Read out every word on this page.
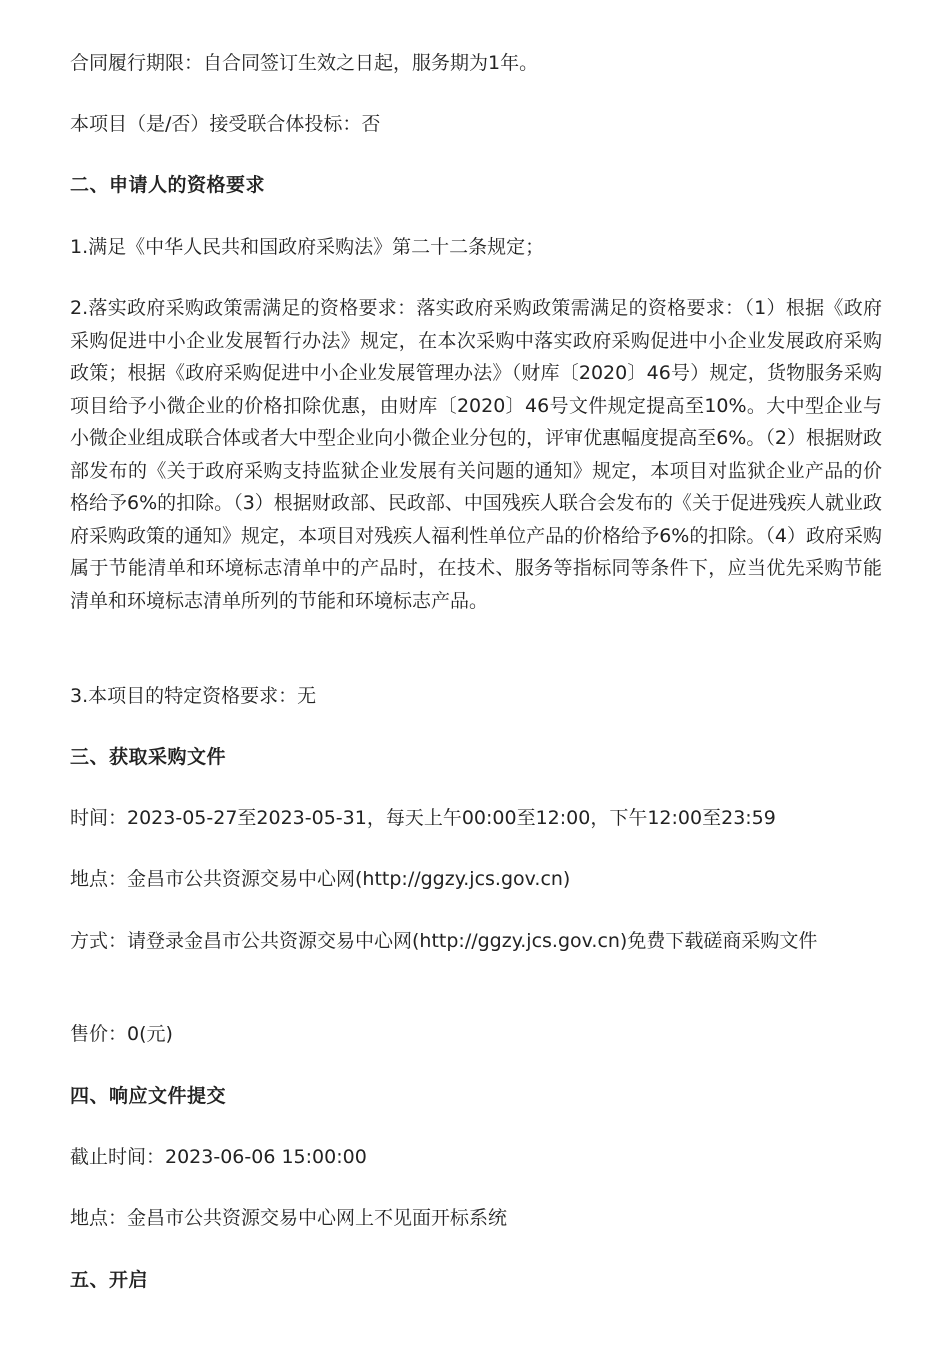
合同履行期限：自合同签订生效之日起，服务期为1年。

本项目（是/否）接受联合体投标：否

二、申请人的资格要求

1.满足《中华人民共和国政府采购法》第二十二条规定；

2.落实政府采购政策需满足的资格要求：落实政府采购政策需满足的资格要求：（1）根据《政府采购促进中小企业发展暂行办法》规定，在本次采购中落实政府采购促进中小企业发展政府采购政策；根据《政府采购促进中小企业发展管理办法》（财库〔2020〕46号）规定，货物服务采购项目给予小微企业的价格扣除优惠，由财库〔2020〕46号文件规定提高至10%。大中型企业与小微企业组成联合体或者大中型企业向小微企业分包的，评审优惠幅度提高至6%。（2）根据财政部发布的《关于政府采购支持监狱企业发展有关问题的通知》规定，本项目对监狱企业产品的价格给予6%的扣除。（3）根据财政部、民政部、中国残疾人联合会发布的《关于促进残疾人就业政府采购政策的通知》规定，本项目对残疾人福利性单位产品的价格给予6%的扣除。（4）政府采购属于节能清单和环境标志清单中的产品时，在技术、服务等指标同等条件下，应当优先采购节能清单和环境标志清单所列的节能和环境标志产品。

3.本项目的特定资格要求：无

三、获取采购文件

时间：2023-05-27至2023-05-31，每天上午00:00至12:00，下午12:00至23:59

地点：金昌市公共资源交易中心网(http://ggzy.jcs.gov.cn)

方式：请登录金昌市公共资源交易中心网(http://ggzy.jcs.gov.cn)免费下载磋商采购文件

售价：0(元)

四、响应文件提交

截止时间：2023-06-06 15:00:00

地点：金昌市公共资源交易中心网上不见面开标系统

五、开启
